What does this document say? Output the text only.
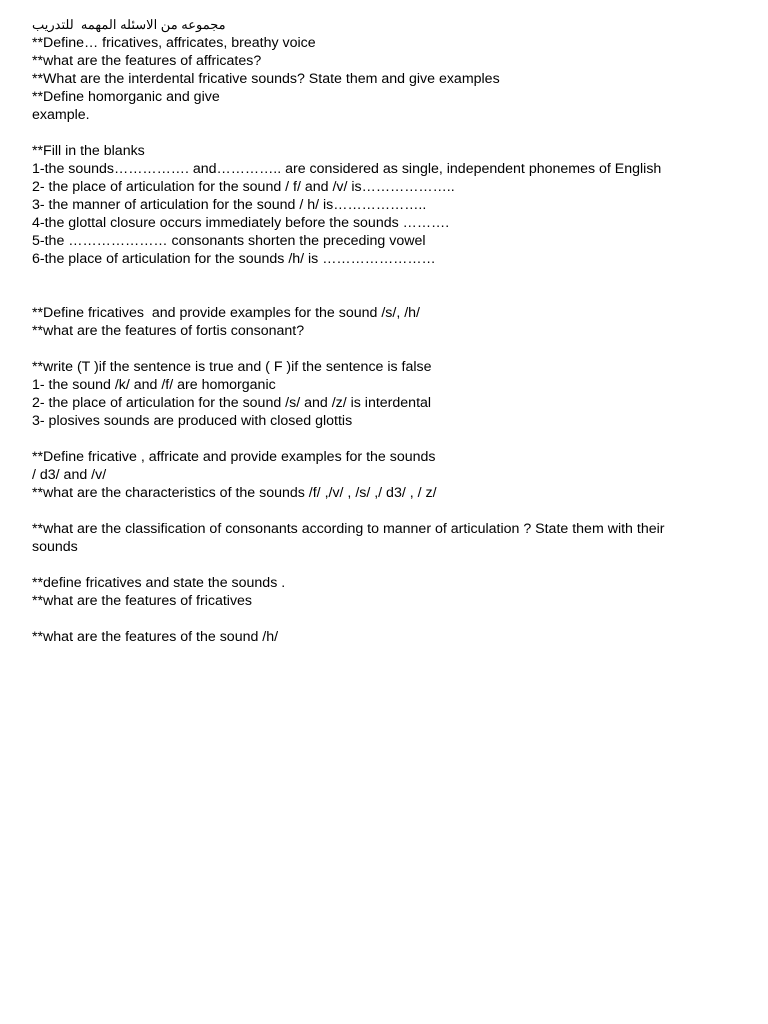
مجموعه من الاسئله المهمه  للتدريب
**Define… fricatives, affricates, breathy voice
**what are the features of affricates?
**What are the interdental fricative sounds? State them and give examples
**Define homorganic and give
example.
**Fill in the blanks
1-the sounds……………. and………….. are considered as single, independent phonemes of English
2- the place of articulation for the sound / f/ and /v/ is………………..
3- the manner of articulation for the sound / h/ is………………..
4-the glottal closure occurs immediately before the sounds ……….
5-the ………………… consonants shorten the preceding vowel
6-the place of articulation for the sounds /h/ is ……………………
**Define fricatives  and provide examples for the sound /s/, /h/
**what are the features of fortis consonant?
**write (T )if the sentence is true and ( F )if the sentence is false
1- the sound /k/ and /f/ are homorganic
2- the place of articulation for the sound /s/ and /z/ is interdental
3- plosives sounds are produced with closed glottis
**Define fricative , affricate and provide examples for the sounds
/ d3/ and /v/
**what are the characteristics of the sounds /f/ ,/v/ , /s/ ,/ d3/ , / z/
**what are the classification of consonants according to manner of articulation ? State them with their
sounds
**define fricatives and state the sounds .
**what are the features of fricatives
**what are the features of the sound /h/
